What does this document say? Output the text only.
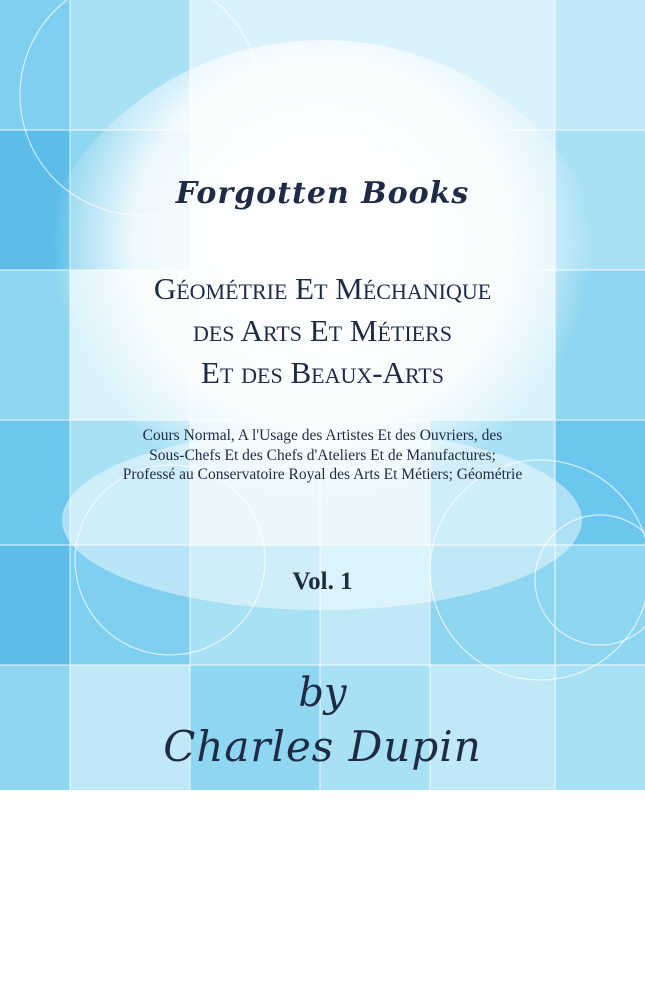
Forgotten Books
Géométrie Et Méchanique
des Arts Et Métiers
Et des Beaux-Arts
Cours Normal, A l'Usage des Artistes Et des Ouvriers, des
Sous-Chefs Et des Chefs d'Ateliers Et de Manufactures;
Professé au Conservatoire Royal des Arts Et Métiers; Géométrie
Vol. 1
by
Charles Dupin
